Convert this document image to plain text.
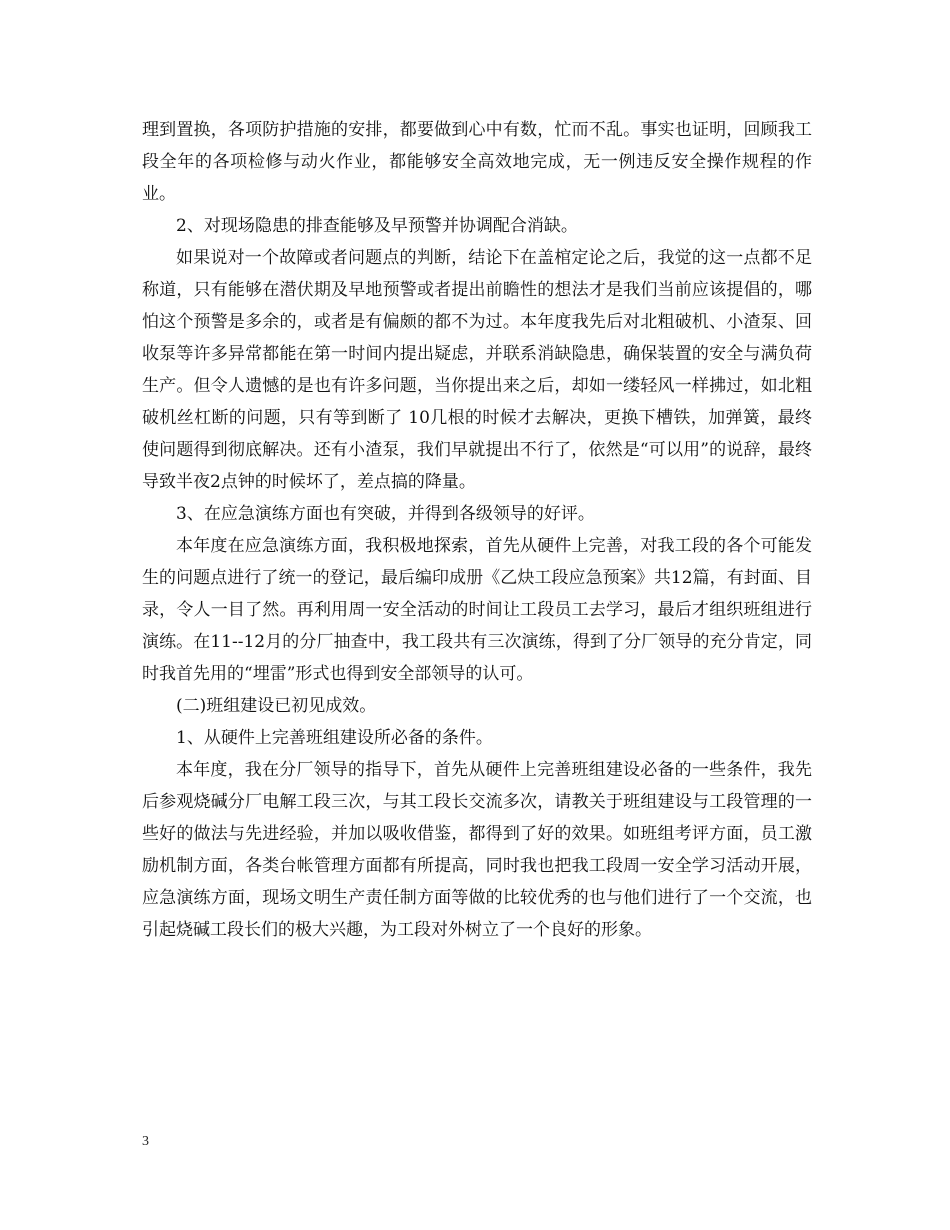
理到置换，各项防护措施的安排，都要做到心中有数，忙而不乱。事实也证明，回顾我工段全年的各项检修与动火作业，都能够安全高效地完成，无一例违反安全操作规程的作业。

2、对现场隐患的排查能够及早预警并协调配合消缺。

如果说对一个故障或者问题点的判断，结论下在盖棺定论之后，我觉的这一点都不足称道，只有能够在潜伏期及早地预警或者提出前瞻性的想法才是我们当前应该提倡的，哪怕这个预警是多余的，或者是有偏颇的都不为过。本年度我先后对北粗破机、小渣泵、回收泵等许多异常都能在第一时间内提出疑虑，并联系消缺隐患，确保装置的安全与满负荷生产。但令人遗憾的是也有许多问题，当你提出来之后，却如一缕轻风一样拂过，如北粗破机丝杠断的问题，只有等到断了 10几根的时候才去解决，更换下槽铁，加弹簧，最终使问题得到彻底解决。还有小渣泵，我们早就提出不行了，依然是“可以用”的说辞，最终导致半夜2点钟的时候坏了，差点搞的降量。

3、在应急演练方面也有突破，并得到各级领导的好评。

本年度在应急演练方面，我积极地探索，首先从硬件上完善，对我工段的各个可能发生的问题点进行了统一的登记，最后编印成册《乙炔工段应急预案》共12篇，有封面、目录，令人一目了然。再利用周一安全活动的时间让工段员工去学习，最后才组织班组进行演练。在11--12月的分厂抽查中，我工段共有三次演练，得到了分厂领导的充分肯定，同时我首先用的“埋雷”形式也得到安全部领导的认可。

(二)班组建设已初见成效。

1、从硬件上完善班组建设所必备的条件。

本年度，我在分厂领导的指导下，首先从硬件上完善班组建设必备的一些条件，我先后参观烧碱分厂电解工段三次，与其工段长交流多次，请教关于班组建设与工段管理的一些好的做法与先进经验，并加以吸收借鉴，都得到了好的效果。如班组考评方面，员工激励机制方面，各类台帐管理方面都有所提高，同时我也把我工段周一安全学习活动开展，应急演练方面，现场文明生产责任制方面等做的比较优秀的也与他们进行了一个交流，也引起烧碱工段长们的极大兴趣，为工段对外树立了一个良好的形象。

3
